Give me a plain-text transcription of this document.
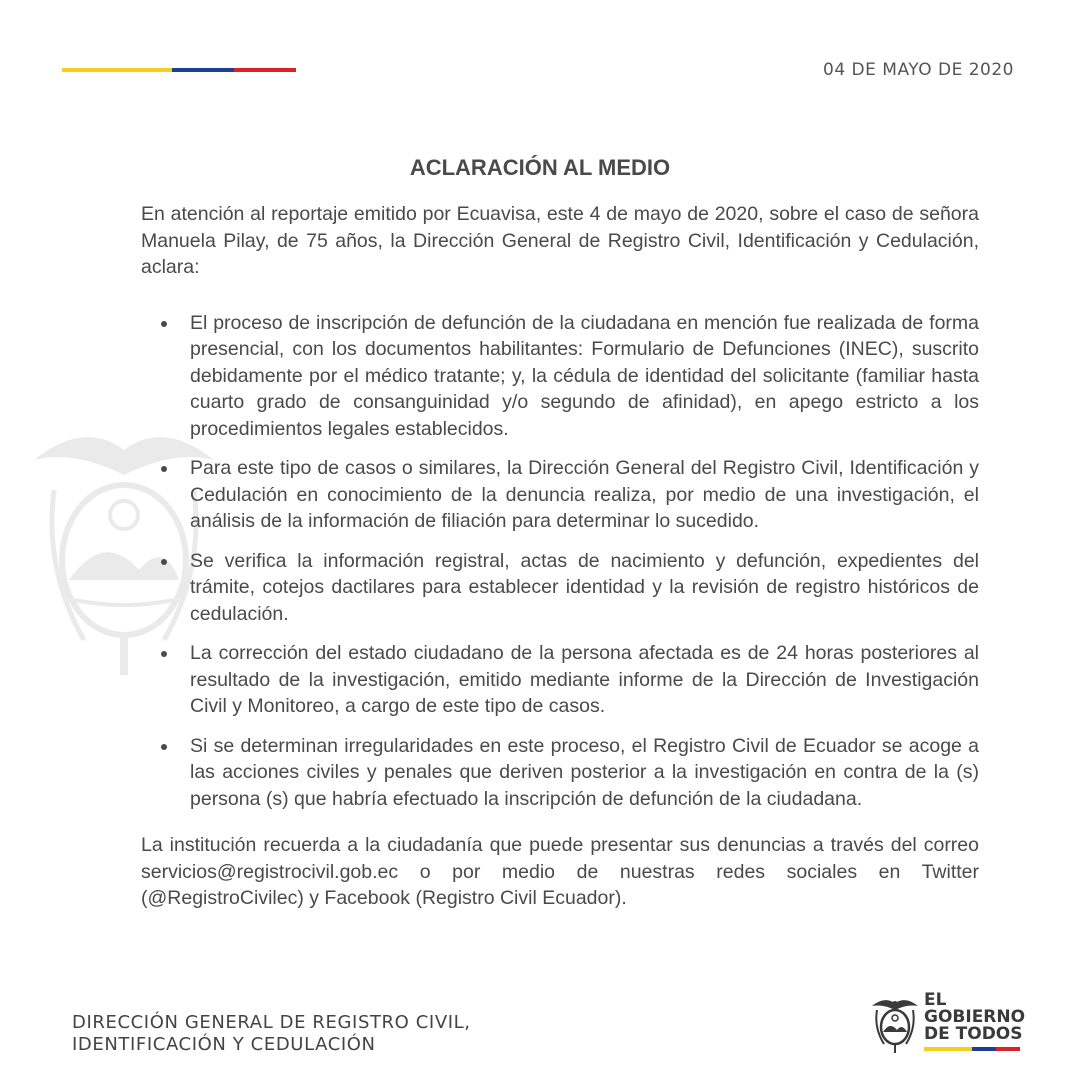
04 DE MAYO DE 2020
ACLARACIÓN AL MEDIO

En atención al reportaje emitido por Ecuavisa, este 4 de mayo de 2020, sobre el caso de señora Manuela Pilay, de 75 años, la Dirección General de Registro Civil, Identificación y Cedulación, aclara:

El proceso de inscripción de defunción de la ciudadana en mención fue realizada de forma presencial, con los documentos habilitantes: Formulario de Defunciones (INEC), suscrito debidamente por el médico tratante; y, la cédula de identidad del solicitante (familiar hasta cuarto grado de consanguinidad y/o segundo de afinidad), en apego estricto a los procedimientos legales establecidos.
Para este tipo de casos o similares, la Dirección General del Registro Civil, Identificación y Cedulación en conocimiento de la denuncia realiza, por medio de una investigación, el análisis de la información de filiación para determinar lo sucedido.
Se verifica la información registral, actas de nacimiento y defunción, expedientes del trámite, cotejos dactilares para establecer identidad y la revisión de registro históricos de cedulación.
La corrección del estado ciudadano de la persona afectada es de 24 horas posteriores al resultado de la investigación, emitido mediante informe de la Dirección de Investigación Civil y Monitoreo, a cargo de este tipo de casos.
Si se determinan irregularidades en este proceso, el Registro Civil de Ecuador se acoge a las acciones civiles y penales que deriven posterior a la investigación en contra de la (s) persona (s) que habría efectuado la inscripción de defunción de la ciudadana.

La institución recuerda a la ciudadanía que puede presentar sus denuncias a través del correo servicios@registrocivil.gob.ec o por medio de nuestras redes sociales en Twitter (@RegistroCivilec) y Facebook (Registro Civil Ecuador).

DIRECCIÓN GENERAL DE REGISTRO CIVIL,
IDENTIFICACIÓN Y CEDULACIÓN
EL
GOBIERNO
DE TODOS
